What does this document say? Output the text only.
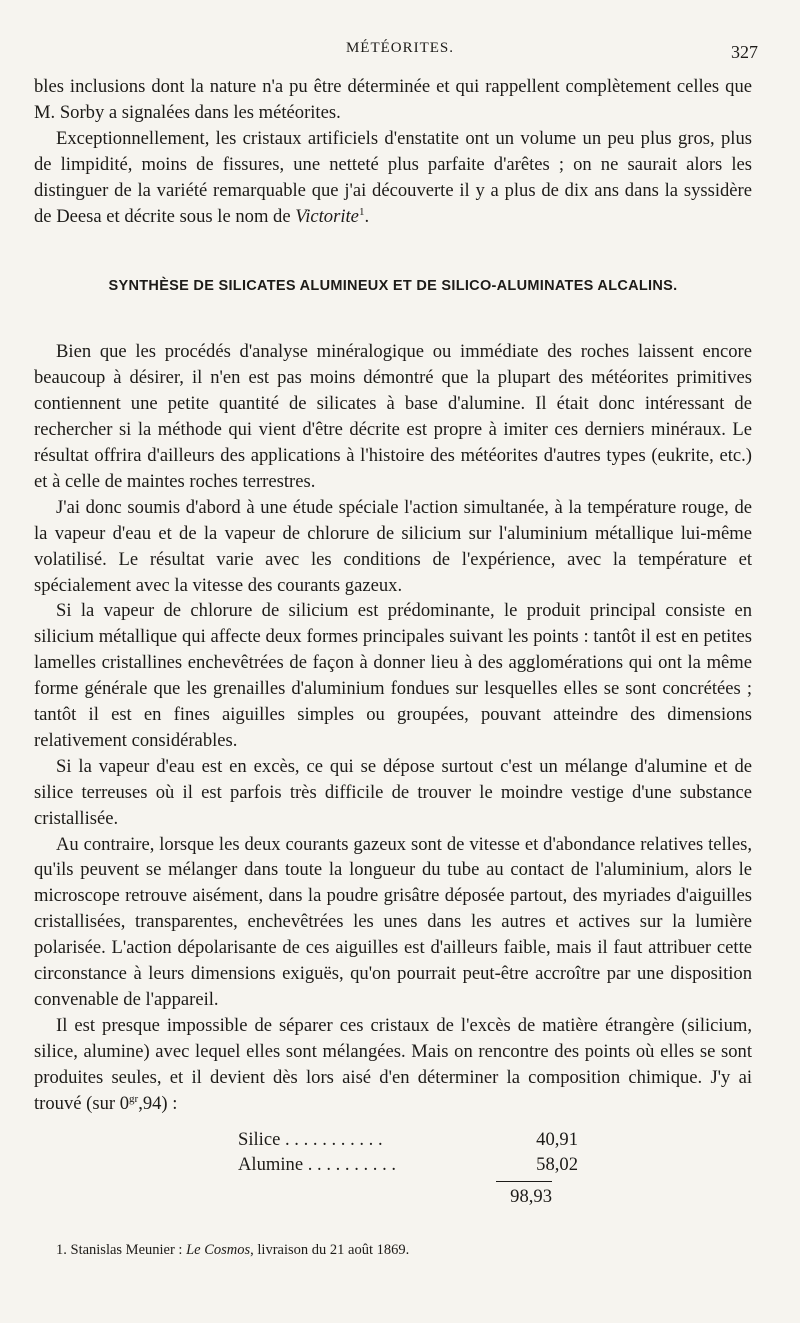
MÉTÉORITES.	327

bles inclusions dont la nature n'a pu être déterminée et qui rappellent complètement celles que M. Sorby a signalées dans les météorites.

Exceptionnellement, les cristaux artificiels d'enstatite ont un volume un peu plus gros, plus de limpidité, moins de fissures, une netteté plus parfaite d'arêtes ; on ne saurait alors les distinguer de la variété remarquable que j'ai découverte il y a plus de dix ans dans la syssidère de Deesa et décrite sous le nom de Victorite$^1$.

SYNTHÈSE DE SILICATES ALUMINEUX ET DE SILICO-ALUMINATES ALCALINS.

Bien que les procédés d'analyse minéralogique ou immédiate des roches laissent encore beaucoup à désirer, il n'en est pas moins démontré que la plupart des météorites primitives contiennent une petite quantité de silicates à base d'alumine. Il était donc intéressant de rechercher si la méthode qui vient d'être décrite est propre à imiter ces derniers minéraux. Le résultat offrira d'ailleurs des applications à l'histoire des météorites d'autres types (eukrite, etc.) et à celle de maintes roches terrestres.

J'ai donc soumis d'abord à une étude spéciale l'action simultanée, à la température rouge, de la vapeur d'eau et de la vapeur de chlorure de silicium sur l'aluminium métallique lui-même volatilisé. Le résultat varie avec les conditions de l'expérience, avec la température et spécialement avec la vitesse des courants gazeux.

Si la vapeur de chlorure de silicium est prédominante, le produit principal consiste en silicium métallique qui affecte deux formes principales suivant les points : tantôt il est en petites lamelles cristallines enchevêtrées de façon à donner lieu à des agglomérations qui ont la même forme générale que les grenailles d'aluminium fondues sur lesquelles elles se sont concrétées ; tantôt il est en fines aiguilles simples ou groupées, pouvant atteindre des dimensions relativement considérables.

Si la vapeur d'eau est en excès, ce qui se dépose surtout c'est un mélange d'alumine et de silice terreuses où il est parfois très difficile de trouver le moindre vestige d'une substance cristallisée.

Au contraire, lorsque les deux courants gazeux sont de vitesse et d'abondance relatives telles, qu'ils peuvent se mélanger dans toute la longueur du tube au contact de l'aluminium, alors le microscope retrouve aisément, dans la poudre grisâtre déposée partout, des myriades d'aiguilles cristallisées, transparentes, enchevêtrées les unes dans les autres et actives sur la lumière polarisée. L'action dépolarisante de ces aiguilles est d'ailleurs faible, mais il faut attribuer cette circonstance à leurs dimensions exiguës, qu'on pourrait peut-être accroître par une disposition convenable de l'appareil.

Il est presque impossible de séparer ces cristaux de l'excès de matière étrangère (silicium, silice, alumine) avec lequel elles sont mélangées. Mais on rencontre des points où elles se sont produites seules, et il devient dès lors aisé d'en déterminer la composition chimique. J'y ai trouvé (sur $0^{gr},94$) :

Silice . . . . . . . . . . .	40,91
Alumine . . . . . . . . . .	58,02
98,93
1. Stanislas Meunier : Le Cosmos, livraison du 21 août 1869.
